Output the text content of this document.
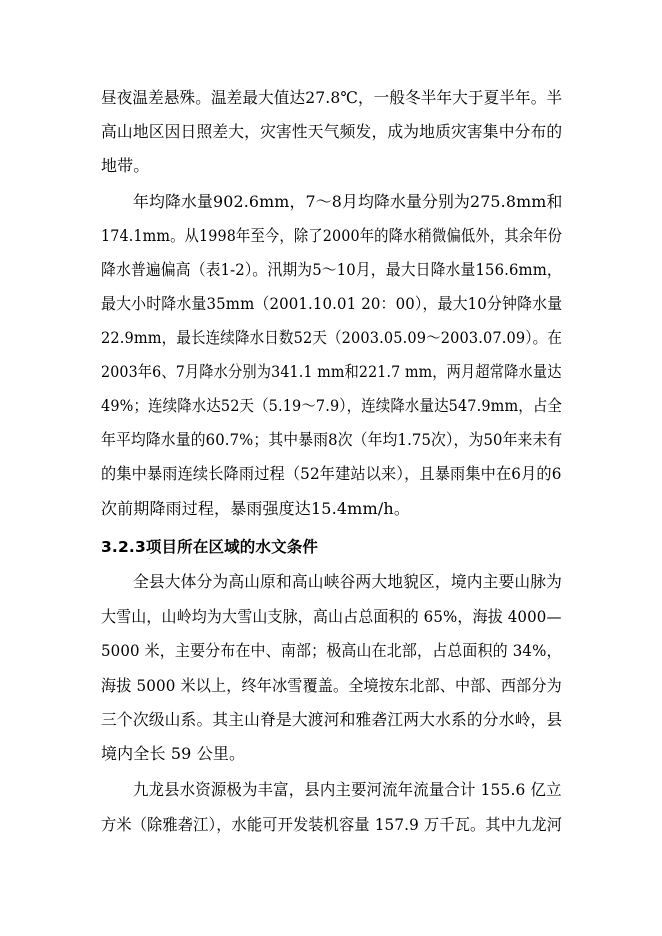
昼夜温差悬殊。温差最大值达27.8℃，一般冬半年大于夏半年。半
高山地区因日照差大，灾害性天气频发，成为地质灾害集中分布的
地带。
年均降水量902.6mm，7～8月均降水量分别为275.8mm和
174.1mm。从1998年至今，除了2000年的降水稍微偏低外，其余年份
降水普遍偏高（表1-2）。汛期为5～10月，最大日降水量156.6mm，
最大小时降水量35mm（2001.10.01 20：00），最大10分钟降水量
22.9mm，最长连续降水日数52天（2003.05.09～2003.07.09）。在
2003年6、7月降水分别为341.1 mm和221.7 mm，两月超常降水量达
49%；连续降水达52天（5.19～7.9），连续降水量达547.9mm，占全
年平均降水量的60.7%；其中暴雨8次（年均1.75次），为50年来未有
的集中暴雨连续长降雨过程（52年建站以来），且暴雨集中在6月的6
次前期降雨过程，暴雨强度达15.4mm/h。
3.2.3项目所在区域的水文条件
全县大体分为高山原和高山峡谷两大地貌区，境内主要山脉为
大雪山，山岭均为大雪山支脉，高山占总面积的 65%，海拔 4000—
5000 米，主要分布在中、南部；极高山在北部，占总面积的 34%，
海拔 5000 米以上，终年冰雪覆盖。全境按东北部、中部、西部分为
三个次级山系。其主山脊是大渡河和雅砻江两大水系的分水岭，县
境内全长 59 公里。
九龙县水资源极为丰富，县内主要河流年流量合计 155.6 亿立
方米（除雅砻江），水能可开发装机容量 157.9 万千瓦。其中九龙河
